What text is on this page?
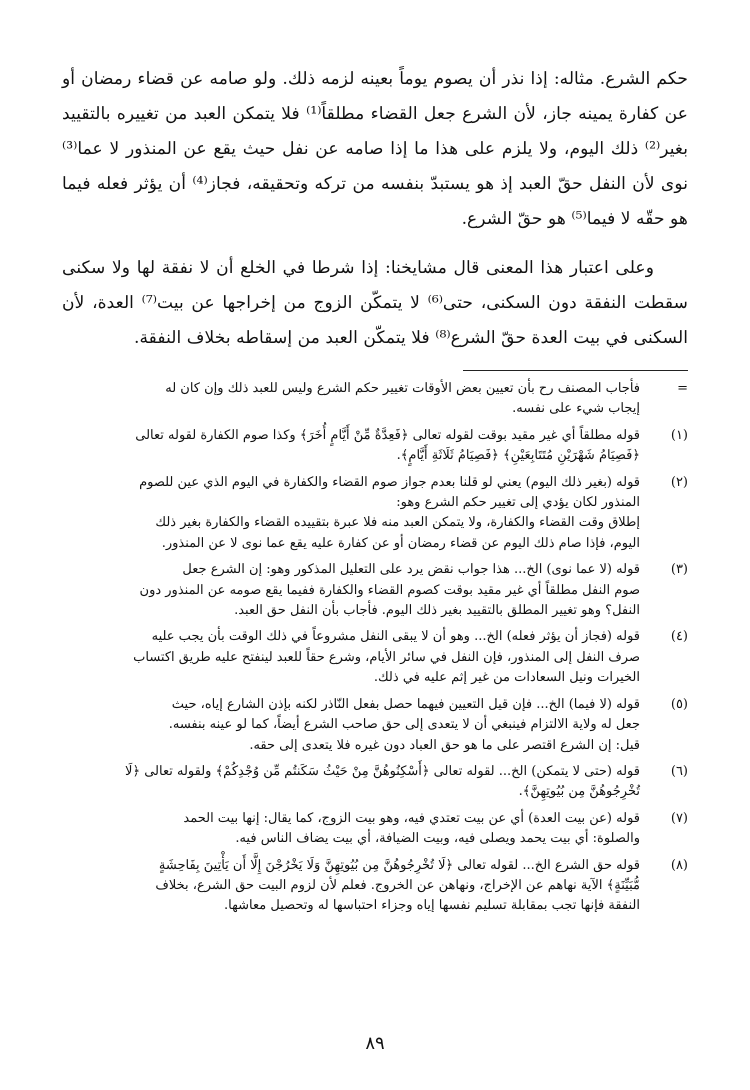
حكم الشرع. مثاله: إذا نذر أن يصوم يوماً بعينه لزمه ذلك. ولو صامه عن قضاء رمضان أو عن كفارة يمينه جاز، لأن الشرع جعل القضاء مطلقاً⁽¹⁾ فلا يتمكن العبد من تغييره بالتقييد بغير⁽²⁾ ذلك اليوم، ولا يلزم على هذا ما إذا صامه عن نفل حيث يقع عن المنذور لا عما⁽³⁾ نوى لأن النفل حقّ العبد إذ هو يستبدّ بنفسه من تركه وتحقيقه، فجاز⁽⁴⁾ أن يؤثر فعله فيما هو حقّه لا فيما⁽⁵⁾ هو حقّ الشرع.

وعلى اعتبار هذا المعنى قال مشايخنا: إذا شرطا في الخلع أن لا نفقة لها ولا سكنى سقطت النفقة دون السكنى، حتى⁽⁶⁾ لا يتمكّن الزوج من إخراجها عن بيت⁽⁷⁾ العدة، لأن السكنى في بيت العدة حقّ الشرع⁽⁸⁾ فلا يتمكّن العبد من إسقاطه بخلاف النفقة.

=
فأجاب المصنف رح بأن تعيين بعض الأوقات تغيير حكم الشرع وليس للعبد ذلك وإن كان له
إيجاب شيء على نفسه.
(١)
قوله مطلقاً أي غير مقيد بوقت لقوله تعالى ﴿فَعِدَّةٌ مِّنْ أَيَّامٍ أُخَرَ﴾ وكذا صوم الكفارة لقوله تعالى
﴿فَصِيَامُ شَهْرَيْنِ مُتَتَابِعَيْنِ﴾ ﴿فَصِيَامُ ثَلَاثَةِ أَيَّامٍ﴾.
(٢)
قوله (بغير ذلك اليوم) يعني لو قلنا بعدم جواز صوم القضاء والكفارة في اليوم الذي عين للصوم
المنذور لكان يؤدي إلى تغيير حكم الشرع وهو:
إطلاق وقت القضاء والكفارة، ولا يتمكن العبد منه فلا عبرة بتقييده القضاء والكفارة بغير ذلك
اليوم، فإذا صام ذلك اليوم عن قضاء رمضان أو عن كفارة عليه يقع عما نوى لا عن المنذور.
(٣)
قوله (لا عما نوى) الخ... هذا جواب نقض يرد على التعليل المذكور وهو: إن الشرع جعل
صوم النفل مطلقاً أي غير مقيد بوقت كصوم القضاء والكفارة ففيما يقع صومه عن المنذور دون
النفل؟ وهو تغيير المطلق بالتقييد بغير ذلك اليوم. فأجاب بأن النفل حق العبد.
(٤)
قوله (فجاز أن يؤثر فعله) الخ... وهو أن لا يبقى النفل مشروعاً في ذلك الوقت بأن يجب عليه
صرف النفل إلى المنذور، فإن النفل في سائر الأيام، وشرع حقاً للعبد لينفتح عليه طريق اكتساب
الخيرات ونيل السعادات من غير إثم عليه في ذلك.
(٥)
قوله (لا فيما) الخ... فإن قيل التعيين فيهما حصل بفعل النّاذر لكنه بإذن الشارع إياه، حيث
جعل له ولاية الالتزام فينبغي أن لا يتعدى إلى حق صاحب الشرع أيضاً، كما لو عينه بنفسه.
قيل: إن الشرع اقتصر على ما هو حق العباد دون غيره فلا يتعدى إلى حقه.
(٦)
قوله (حتى لا يتمكن) الخ... لقوله تعالى ﴿أَسْكِنُوهُنَّ مِنْ حَيْثُ سَكَنتُم مِّن وُجْدِكُمْ﴾ ولقوله تعالى ﴿لَا
تُخْرِجُوهُنَّ مِن بُيُوتِهِنَّ﴾.
(٧)
قوله (عن بيت العدة) أي عن بيت تعتدي فيه، وهو بيت الزوج، كما يقال: إنها بيت الحمد
والصلوة: أي بيت يحمد ويصلى فيه، وبيت الضيافة، أي بيت يضاف الناس فيه.
(٨)
قوله حق الشرع الخ... لقوله تعالى ﴿لَا تُخْرِجُوهُنَّ مِن بُيُوتِهِنَّ وَلَا يَخْرُجْنَ إِلَّا أَن يَأْتِينَ بِفَاحِشَةٍ
مُّبَيِّنَةٍ﴾ الآية نهاهم عن الإخراج، ونهاهن عن الخروج. فعلم لأن لزوم البيت حق الشرع، بخلاف
النفقة فإنها تجب بمقابلة تسليم نفسها إياه وجزاء احتباسها له وتحصيل معاشها.
٨٩
